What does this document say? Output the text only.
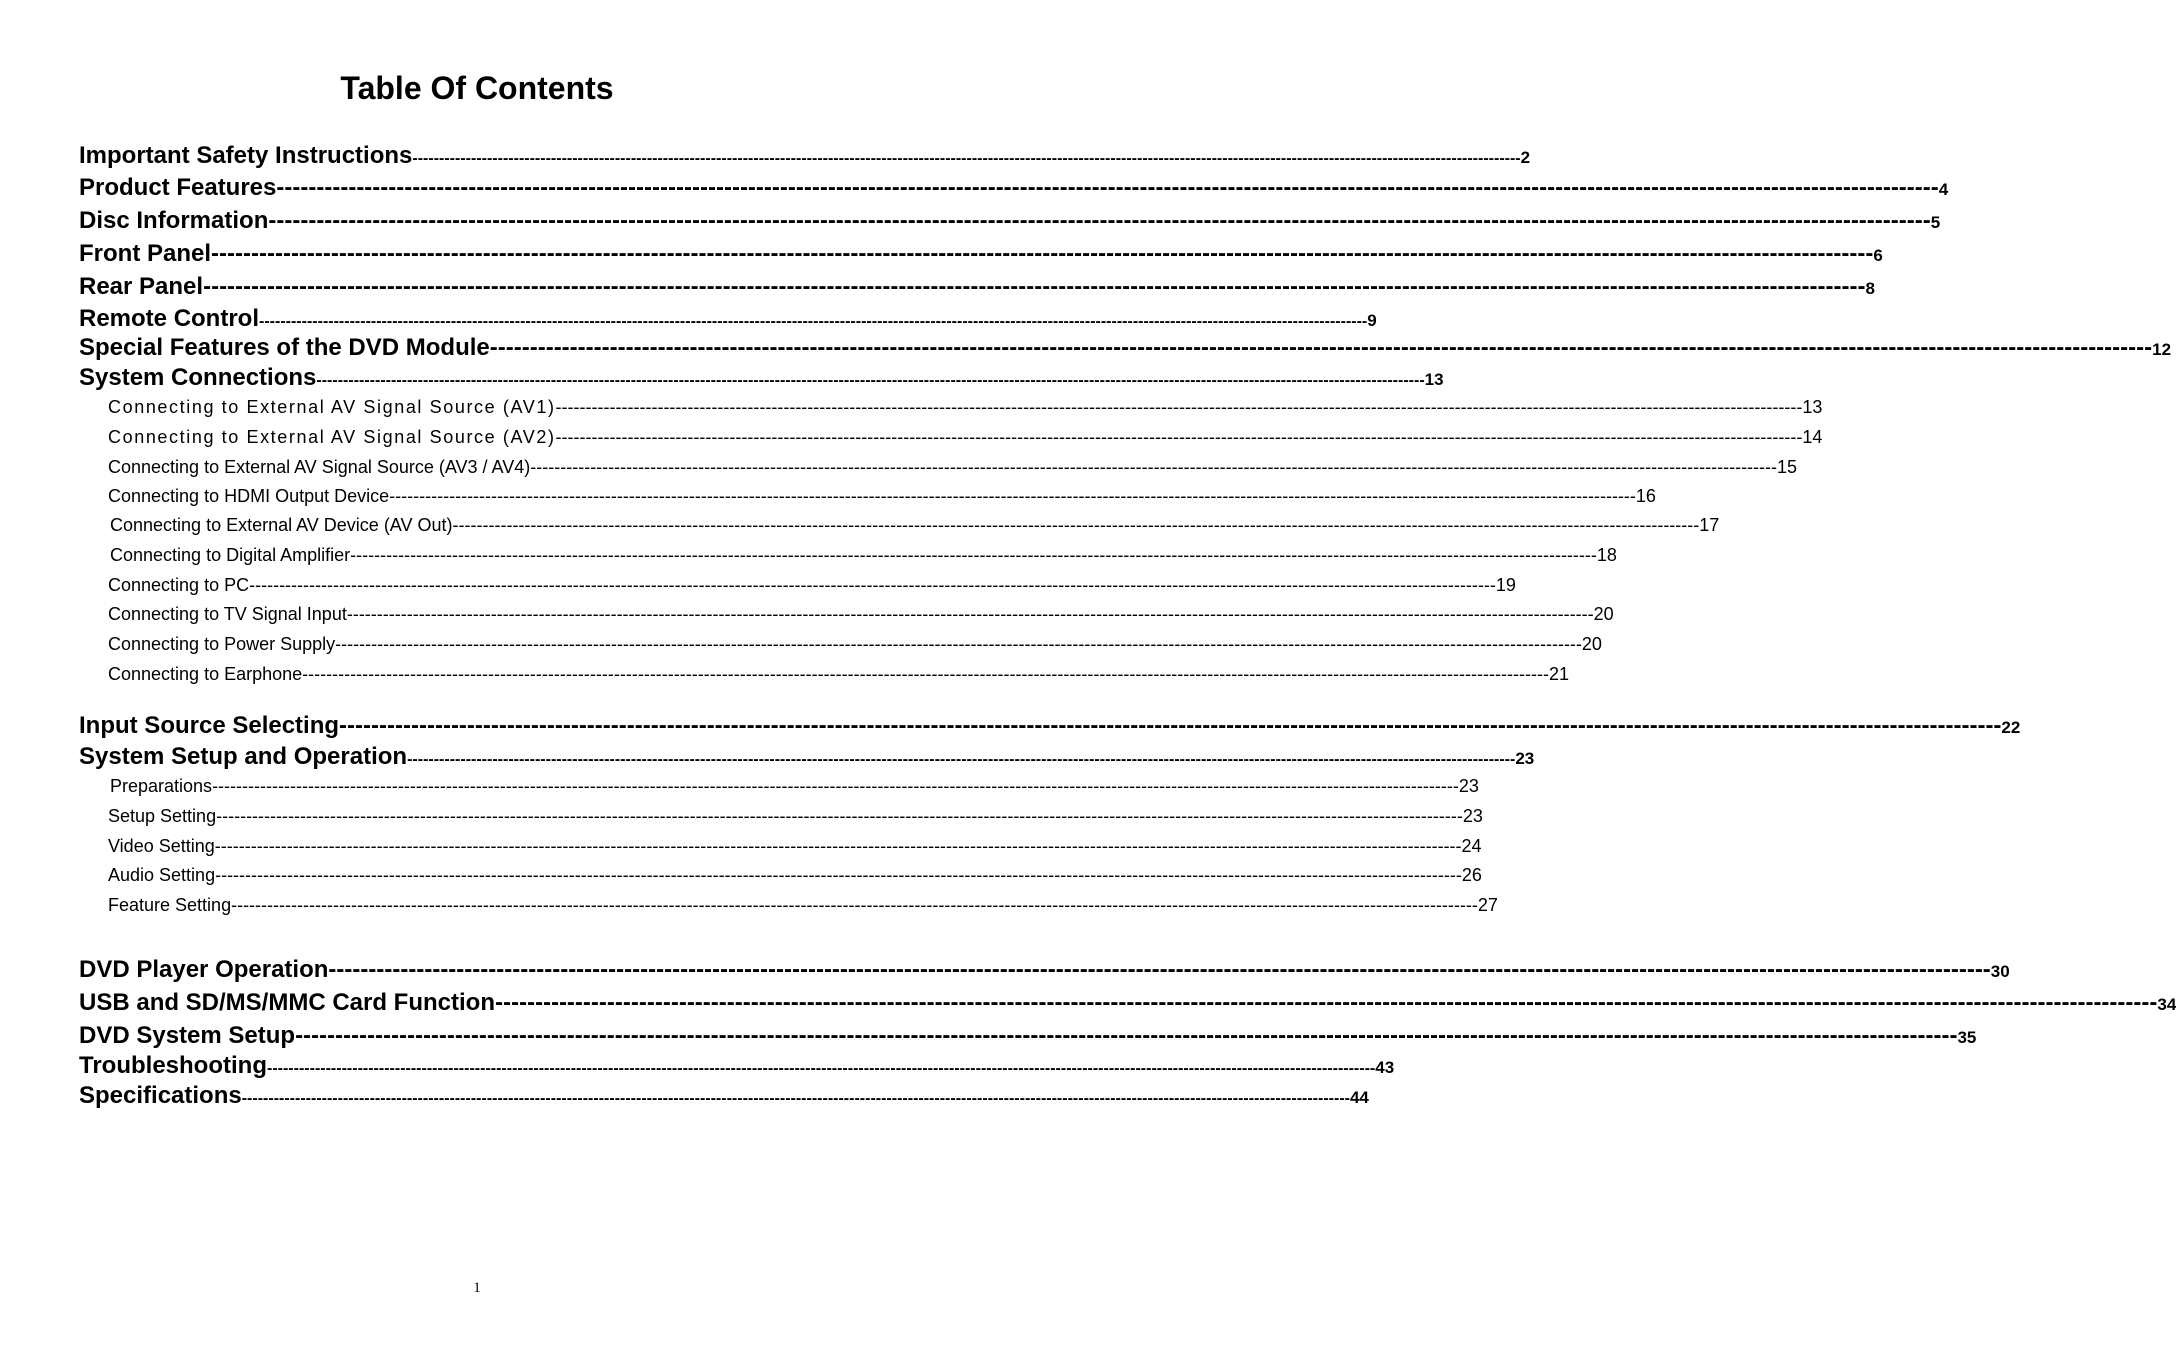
Table Of Contents
Important Safety Instructions ---------------------------------------------------------------------------------------------------------------------------------------------------------------------------------------------------------------- 2
Product Features ---------------------------------------------------------------------------------------------------------------------------------------------------------------------------------------------------------------- 4
Disc Information ---------------------------------------------------------------------------------------------------------------------------------------------------------------------------------------------------------------- 5
Front Panel ---------------------------------------------------------------------------------------------------------------------------------------------------------------------------------------------------------------- 6
Rear Panel ---------------------------------------------------------------------------------------------------------------------------------------------------------------------------------------------------------------- 8
Remote Control ---------------------------------------------------------------------------------------------------------------------------------------------------------------------------------------------------------------- 9
Special Features of the DVD Module ---------------------------------------------------------------------------------------------------------------------------------------------------------------------------------------------------------------- 12
System Connections ---------------------------------------------------------------------------------------------------------------------------------------------------------------------------------------------------------------- 13
Connecting to External AV Signal Source (AV1) ---------------------------------------------------------------------------------------------------------------------------------------------------------------------------------------------------------------- 13
Connecting to External AV Signal Source (AV2) ---------------------------------------------------------------------------------------------------------------------------------------------------------------------------------------------------------------- 14
Connecting to External AV Signal Source (AV3 / AV4) ---------------------------------------------------------------------------------------------------------------------------------------------------------------------------------------------------------------- 15
Connecting to HDMI Output Device ---------------------------------------------------------------------------------------------------------------------------------------------------------------------------------------------------------------- 16
Connecting to External AV Device (AV Out) ---------------------------------------------------------------------------------------------------------------------------------------------------------------------------------------------------------------- 17
Connecting to Digital Amplifier ---------------------------------------------------------------------------------------------------------------------------------------------------------------------------------------------------------------- 18
Connecting to PC ---------------------------------------------------------------------------------------------------------------------------------------------------------------------------------------------------------------- 19
Connecting to TV Signal Input ---------------------------------------------------------------------------------------------------------------------------------------------------------------------------------------------------------------- 20
Connecting to Power Supply ---------------------------------------------------------------------------------------------------------------------------------------------------------------------------------------------------------------- 20
Connecting to Earphone ---------------------------------------------------------------------------------------------------------------------------------------------------------------------------------------------------------------- 21
Input Source Selecting ---------------------------------------------------------------------------------------------------------------------------------------------------------------------------------------------------------------- 22
System Setup and Operation ---------------------------------------------------------------------------------------------------------------------------------------------------------------------------------------------------------------- 23
Preparations ---------------------------------------------------------------------------------------------------------------------------------------------------------------------------------------------------------------- 23
Setup Setting ---------------------------------------------------------------------------------------------------------------------------------------------------------------------------------------------------------------- 23
Video Setting ---------------------------------------------------------------------------------------------------------------------------------------------------------------------------------------------------------------- 24
Audio Setting ---------------------------------------------------------------------------------------------------------------------------------------------------------------------------------------------------------------- 26
Feature Setting ---------------------------------------------------------------------------------------------------------------------------------------------------------------------------------------------------------------- 27
DVD Player Operation ---------------------------------------------------------------------------------------------------------------------------------------------------------------------------------------------------------------- 30
USB and SD/MS/MMC Card Function ---------------------------------------------------------------------------------------------------------------------------------------------------------------------------------------------------------------- 34
DVD System Setup ---------------------------------------------------------------------------------------------------------------------------------------------------------------------------------------------------------------- 35
Troubleshooting ---------------------------------------------------------------------------------------------------------------------------------------------------------------------------------------------------------------- 43
Specifications ---------------------------------------------------------------------------------------------------------------------------------------------------------------------------------------------------------------- 44
1
